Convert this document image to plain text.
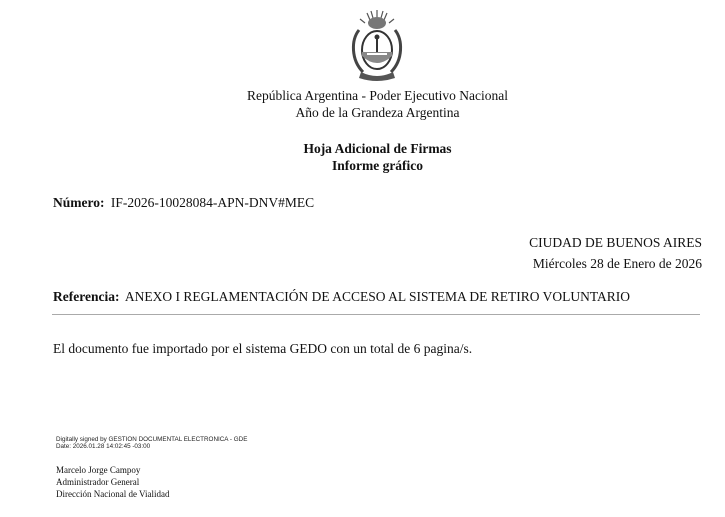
República Argentina - Poder Ejecutivo Nacional
Año de la Grandeza Argentina
Hoja Adicional de Firmas
Informe gráfico
Número: IF-2026-10028084-APN-DNV#MEC
CIUDAD DE BUENOS AIRES
Miércoles 28 de Enero de 2026
Referencia: ANEXO I REGLAMENTACIÓN DE ACCESO AL SISTEMA DE RETIRO VOLUNTARIO
El documento fue importado por el sistema GEDO con un total de 6 pagina/s.
Digitally signed by GESTION DOCUMENTAL ELECTRONICA - GDE
Date: 2026.01.28 14:02:45 -03:00
Marcelo Jorge Campoy
Administrador General
Dirección Nacional de Vialidad
